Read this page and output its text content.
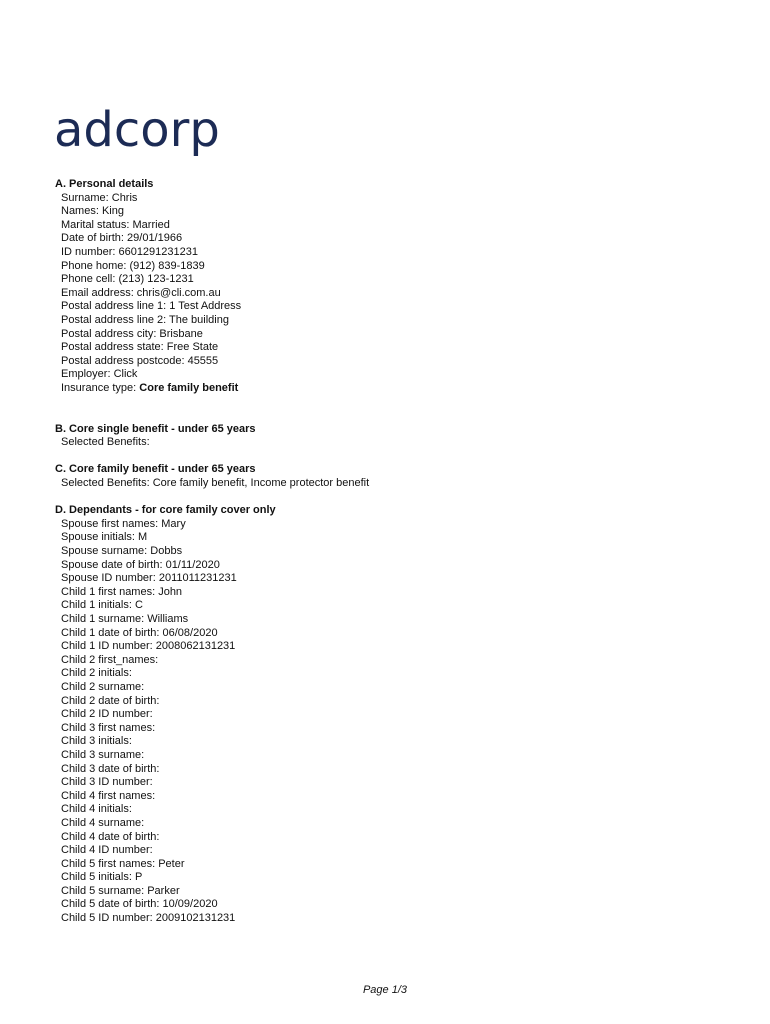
adcorp
A. Personal details
Surname: Chris
Names: King
Marital status: Married
Date of birth: 29/01/1966
ID number: 6601291231231
Phone home: (912) 839-1839
Phone cell: (213) 123-1231
Email address: chris@cli.com.au
Postal address line 1: 1 Test Address
Postal address line 2: The building
Postal address city: Brisbane
Postal address state: Free State
Postal address postcode: 45555
Employer: Click
Insurance type: Core family benefit
B. Core single benefit - under 65 years
Selected Benefits:
C. Core family benefit - under 65 years
Selected Benefits: Core family benefit, Income protector benefit
D. Dependants - for core family cover only
Spouse first names: Mary
Spouse initials: M
Spouse surname: Dobbs
Spouse date of birth: 01/11/2020
Spouse ID number: 2011011231231
Child 1 first names: John
Child 1 initials: C
Child 1 surname: Williams
Child 1 date of birth: 06/08/2020
Child 1 ID number: 2008062131231
Child 2 first_names:
Child 2 initials:
Child 2 surname:
Child 2 date of birth:
Child 2 ID number:
Child 3 first names:
Child 3 initials:
Child 3 surname:
Child 3 date of birth:
Child 3 ID number:
Child 4 first names:
Child 4 initials:
Child 4 surname:
Child 4 date of birth:
Child 4 ID number:
Child 5 first names: Peter
Child 5 initials: P
Child 5 surname: Parker
Child 5 date of birth: 10/09/2020
Child 5 ID number: 2009102131231
Page 1/3
